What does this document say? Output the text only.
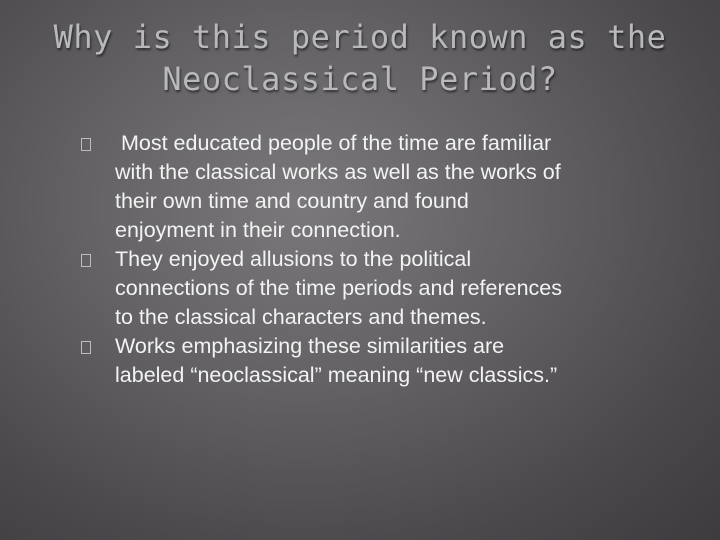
Why is this period known as the
Neoclassical Period?
Most educated people of the time are familiar
with the classical works as well as the works of
their own time and country and found
enjoyment in their connection.
They enjoyed allusions to the political
connections of the time periods and references
to the classical characters and themes.
Works emphasizing these similarities are
labeled “neoclassical” meaning “new classics.”
